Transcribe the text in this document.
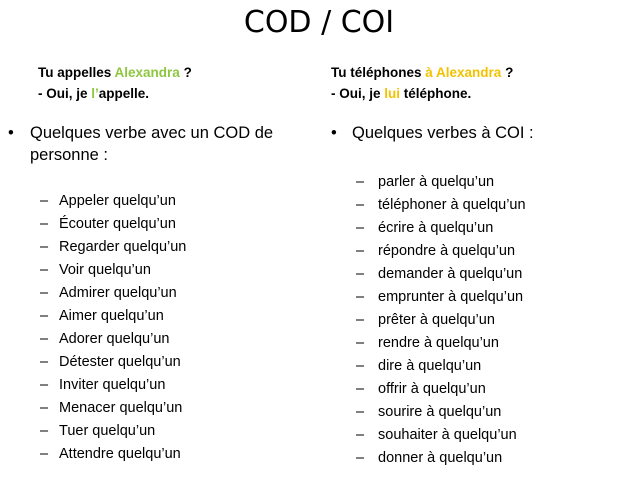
COD / COI
Tu appelles Alexandra ?
- Oui, je l’appelle.
• Quelques verbe avec un COD de personne :
– Appeler quelqu’un
– Écouter quelqu’un
– Regarder quelqu’un
– Voir quelqu’un
– Admirer quelqu’un
– Aimer quelqu’un
– Adorer quelqu’un
– Détester quelqu’un
– Inviter quelqu’un
– Menacer quelqu’un
– Tuer quelqu’un
– Attendre quelqu’un
Tu téléphones à Alexandra ?
- Oui, je lui téléphone.
• Quelques verbes à COI :
– parler à quelqu’un
– téléphoner à quelqu’un
– écrire à quelqu’un
– répondre à quelqu’un
– demander à quelqu’un
– emprunter à quelqu’un
– prêter à quelqu’un
– rendre à quelqu’un
– dire à quelqu’un
– offrir à quelqu’un
– sourire à quelqu’un
– souhaiter à quelqu’un
– donner à quelqu’un
